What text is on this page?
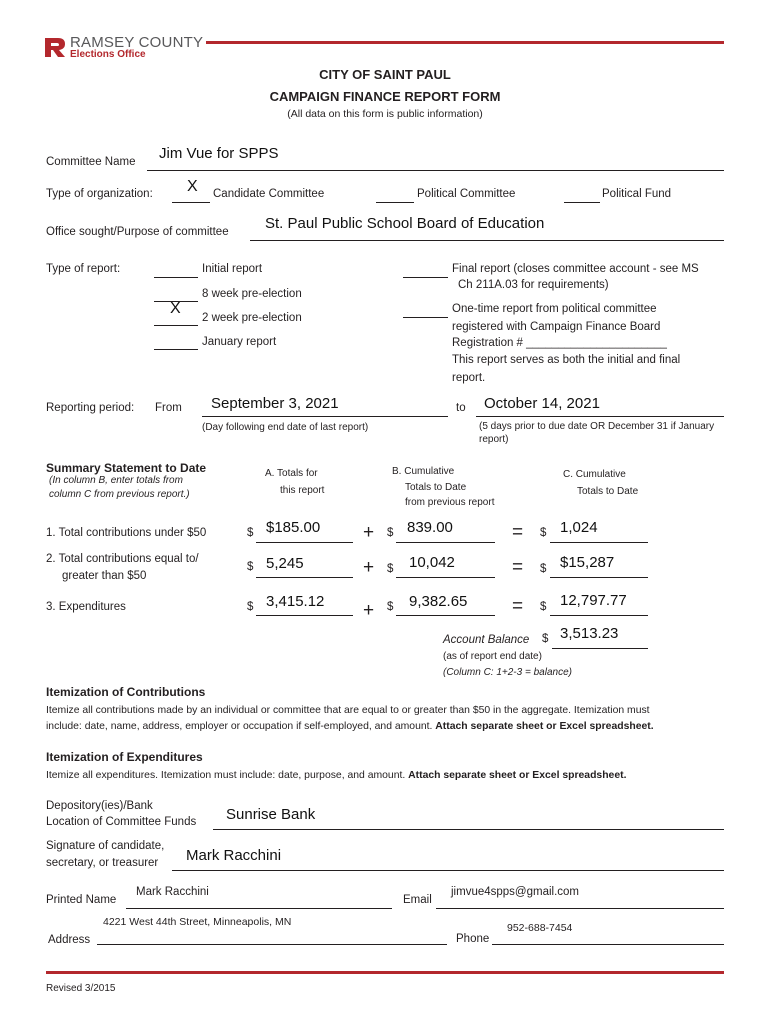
RAMSEY COUNTY
Elections Office
CITY OF SAINT PAUL
CAMPAIGN FINANCE REPORT FORM
(All data on this form is public information)
Committee Name Jim Vue for SPPS
Type of organization: X Candidate Committee	Political Committee	Political Fund
Office sought/Purpose of committee St. Paul Public School Board of Education
Type of report:	Initial report
8 week pre-election
X
2 week pre-election
January report
Final report (closes committee account - see MS
Ch 211A.03 for requirements)
One-time report from political committee
registered with Campaign Finance Board
Registration # ______________________
This report serves as both the initial and final
report.
Reporting period: From September 3, 2021	to October 14, 2021
(Day following end date of last report)	(5 days prior to due date OR December 31 if January
report)
Summary Statement to Date
(In column B, enter totals from
column C from previous report.)
A. Totals for
this report
B. Cumulative
Totals to Date
from previous report
C. Cumulative
Totals to Date
1. Total contributions under $50	$ $185.00 + $ 839.00	= $ 1,024
2. Total contributions equal to/
greater than $50
$ 5,245	+ $ 10,042	= $ $15,287
3. Expenditures	$ 3,415.12 + $ 9,382.65 = $ 12,797.77
Account Balance $ 3,513.23
(as of report end date)
(Column C: 1+2-3 = balance)
Itemization of Contributions
Itemize all contributions made by an individual or committee that are equal to or greater than $50 in the aggregate. Itemization must
include: date, name, address, employer or occupation if self-employed, and amount. Attach separate sheet or Excel spreadsheet.
Itemization of Expenditures
Itemize all expenditures. Itemization must include: date, purpose, and amount. Attach separate sheet or Excel spreadsheet.
Depository(ies)/Bank
Location of Committee Funds Sunrise Bank
Signature of candidate,
secretary, or treasurer Mark Racchini
Printed Name
Mark Racchini
Email
jimvue4spps@gmail.com
Address
4221 West 44th Street, Minneapolis, MN
Phone
952-688-7454
Revised 3/2015
